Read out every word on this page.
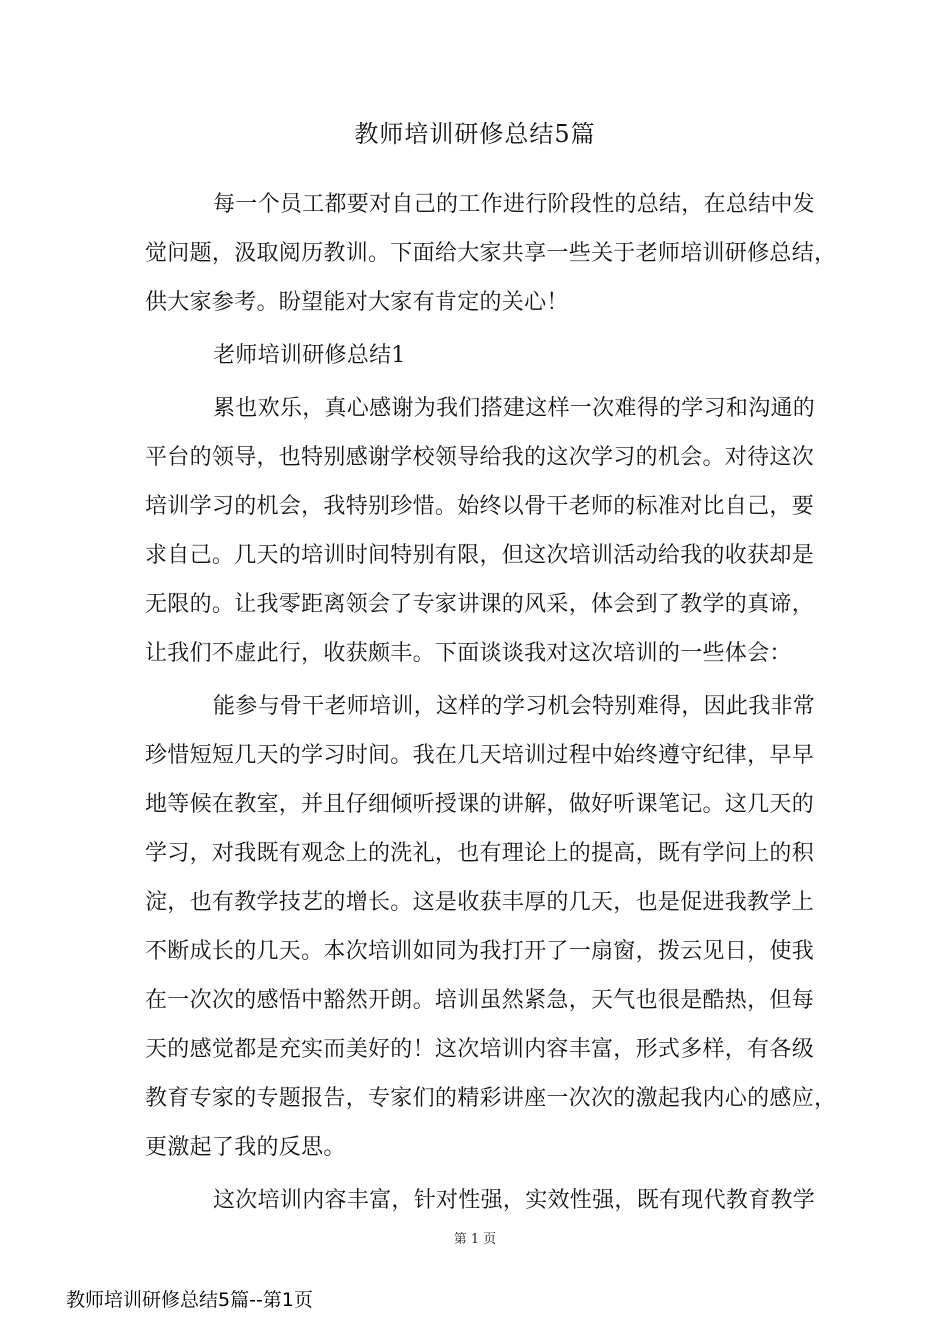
教师培训研修总结5篇
每一个员工都要对自己的工作进行阶段性的总结，在总结中发
觉问题，汲取阅历教训。下面给大家共享一些关于老师培训研修总结，
供大家参考。盼望能对大家有肯定的关心！
老师培训研修总结1
累也欢乐，真心感谢为我们搭建这样一次难得的学习和沟通的
平台的领导，也特别感谢学校领导给我的这次学习的机会。对待这次
培训学习的机会，我特别珍惜。始终以骨干老师的标准对比自己，要
求自己。几天的培训时间特别有限，但这次培训活动给我的收获却是
无限的。让我零距离领会了专家讲课的风采，体会到了教学的真谛，
让我们不虚此行，收获颇丰。下面谈谈我对这次培训的一些体会：
能参与骨干老师培训，这样的学习机会特别难得，因此我非常
珍惜短短几天的学习时间。我在几天培训过程中始终遵守纪律，早早
地等候在教室，并且仔细倾听授课的讲解，做好听课笔记。这几天的
学习，对我既有观念上的洗礼，也有理论上的提高，既有学问上的积
淀，也有教学技艺的增长。这是收获丰厚的几天，也是促进我教学上
不断成长的几天。本次培训如同为我打开了一扇窗，拨云见日，使我
在一次次的感悟中豁然开朗。培训虽然紧急，天气也很是酷热，但每
天的感觉都是充实而美好的！这次培训内容丰富，形式多样，有各级
教育专家的专题报告，专家们的精彩讲座一次次的激起我内心的感应，
更激起了我的反思。
这次培训内容丰富，针对性强，实效性强，既有现代教育教学
第 1 页
教师培训研修总结5篇--第1页
